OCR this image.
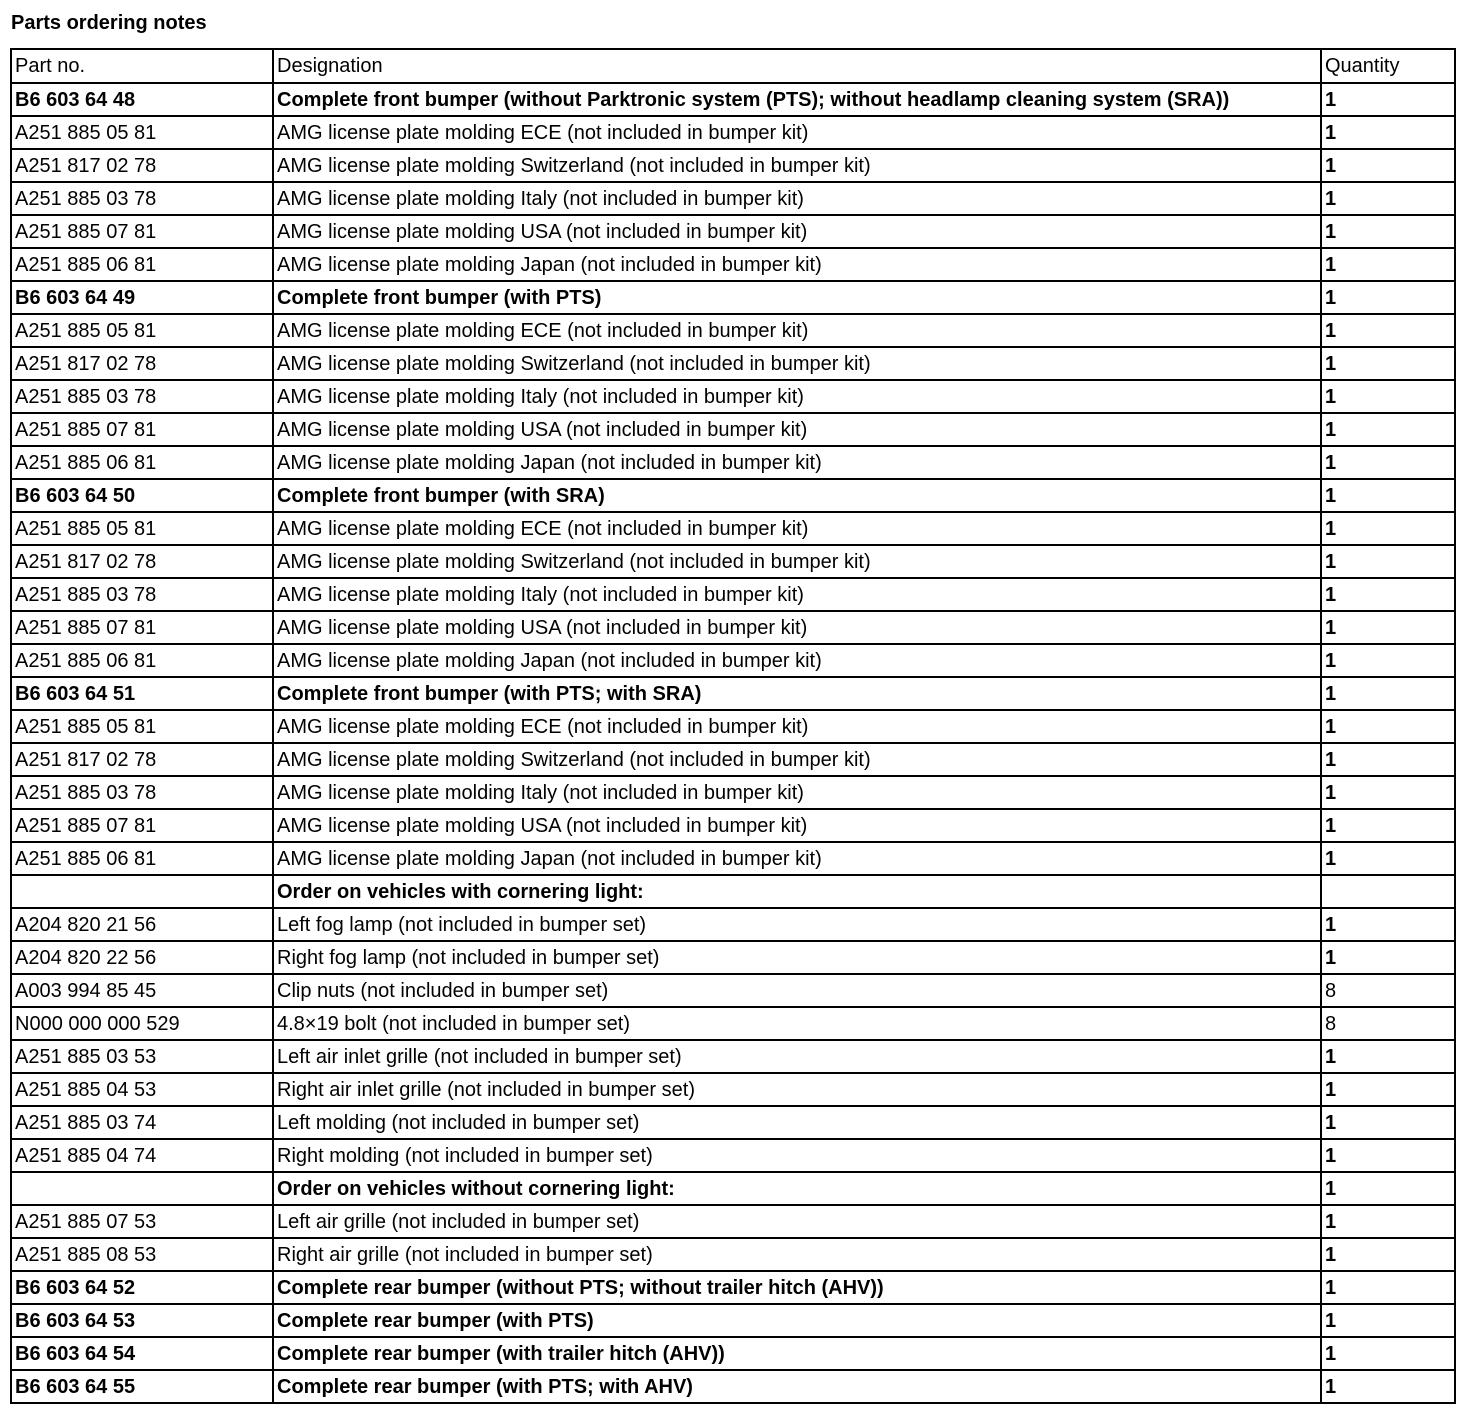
Parts ordering notes
Part no.	Designation	Quantity
B6 603 64 48	Complete front bumper (without Parktronic system (PTS); without headlamp cleaning system (SRA))	1
A251 885 05 81	AMG license plate molding ECE (not included in bumper kit)	1
A251 817 02 78	AMG license plate molding Switzerland (not included in bumper kit)	1
A251 885 03 78	AMG license plate molding Italy (not included in bumper kit)	1
A251 885 07 81	AMG license plate molding USA (not included in bumper kit)	1
A251 885 06 81	AMG license plate molding Japan (not included in bumper kit)	1
B6 603 64 49	Complete front bumper (with PTS)	1
A251 885 05 81	AMG license plate molding ECE (not included in bumper kit)	1
A251 817 02 78	AMG license plate molding Switzerland (not included in bumper kit)	1
A251 885 03 78	AMG license plate molding Italy (not included in bumper kit)	1
A251 885 07 81	AMG license plate molding USA (not included in bumper kit)	1
A251 885 06 81	AMG license plate molding Japan (not included in bumper kit)	1
B6 603 64 50	Complete front bumper (with SRA)	1
A251 885 05 81	AMG license plate molding ECE (not included in bumper kit)	1
A251 817 02 78	AMG license plate molding Switzerland (not included in bumper kit)	1
A251 885 03 78	AMG license plate molding Italy (not included in bumper kit)	1
A251 885 07 81	AMG license plate molding USA (not included in bumper kit)	1
A251 885 06 81	AMG license plate molding Japan (not included in bumper kit)	1
B6 603 64 51	Complete front bumper (with PTS; with SRA)	1
A251 885 05 81	AMG license plate molding ECE (not included in bumper kit)	1
A251 817 02 78	AMG license plate molding Switzerland (not included in bumper kit)	1
A251 885 03 78	AMG license plate molding Italy (not included in bumper kit)	1
A251 885 07 81	AMG license plate molding USA (not included in bumper kit)	1
A251 885 06 81	AMG license plate molding Japan (not included in bumper kit)	1
	Order on vehicles with cornering light:	
A204 820 21 56	Left fog lamp (not included in bumper set)	1
A204 820 22 56	Right fog lamp (not included in bumper set)	1
A003 994 85 45	Clip nuts (not included in bumper set)	8
N000 000 000 529	4.8×19 bolt (not included in bumper set)	8
A251 885 03 53	Left air inlet grille (not included in bumper set)	1
A251 885 04 53	Right air inlet grille (not included in bumper set)	1
A251 885 03 74	Left molding (not included in bumper set)	1
A251 885 04 74	Right molding (not included in bumper set)	1
	Order on vehicles without cornering light:	1
A251 885 07 53	Left air grille (not included in bumper set)	1
A251 885 08 53	Right air grille (not included in bumper set)	1
B6 603 64 52	Complete rear bumper (without PTS; without trailer hitch (AHV))	1
B6 603 64 53	Complete rear bumper (with PTS)	1
B6 603 64 54	Complete rear bumper (with trailer hitch (AHV))	1
B6 603 64 55	Complete rear bumper (with PTS; with AHV)	1
